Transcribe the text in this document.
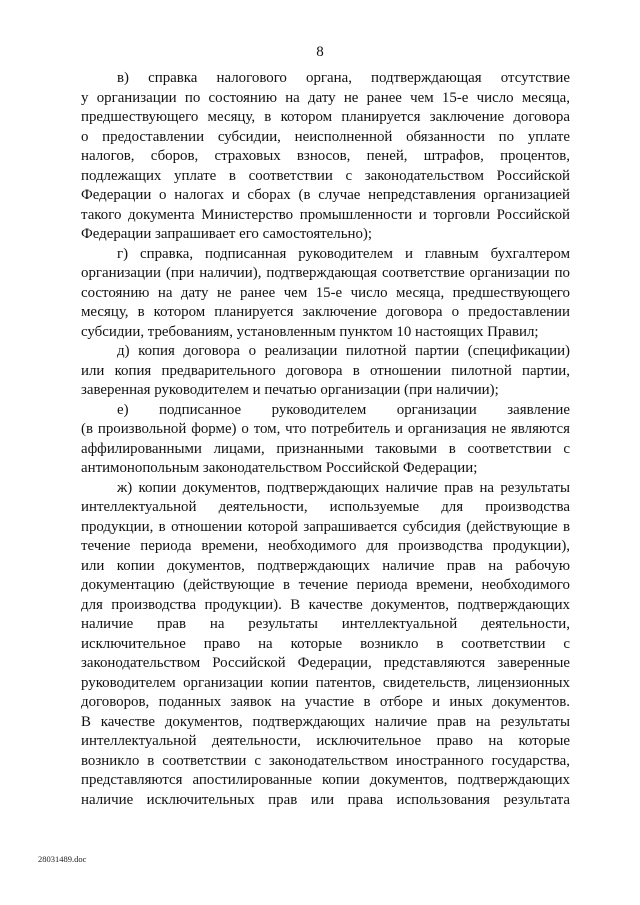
8
в) справка налогового органа, подтверждающая отсутствие
у организации по состоянию на дату не ранее чем 15-е число месяца,
предшествующего месяцу, в котором планируется заключение договора
о предоставлении субсидии, неисполненной обязанности по уплате
налогов, сборов, страховых взносов, пеней, штрафов, процентов,
подлежащих уплате в соответствии с законодательством Российской
Федерации о налогах и сборах (в случае непредставления организацией
такого документа Министерство промышленности и торговли Российской
Федерации запрашивает его самостоятельно);
г) справка, подписанная руководителем и главным бухгалтером
организации (при наличии), подтверждающая соответствие организации по
состоянию на дату не ранее чем 15-е число месяца, предшествующего
месяцу, в котором планируется заключение договора о предоставлении
субсидии, требованиям, установленным пунктом 10 настоящих Правил;
д) копия договора о реализации пилотной партии (спецификации)
или копия предварительного договора в отношении пилотной партии,
заверенная руководителем и печатью организации (при наличии);
е) подписанное руководителем организации заявление
(в произвольной форме) о том, что потребитель и организация не являются
аффилированными лицами, признанными таковыми в соответствии с
антимонопольным законодательством Российской Федерации;
ж) копии документов, подтверждающих наличие прав на результаты
интеллектуальной деятельности, используемые для производства
продукции, в отношении которой запрашивается субсидия (действующие в
течение периода времени, необходимого для производства продукции),
или копии документов, подтверждающих наличие прав на рабочую
документацию (действующие в течение периода времени, необходимого
для производства продукции). В качестве документов, подтверждающих
наличие прав на результаты интеллектуальной деятельности,
исключительное право на которые возникло в соответствии с
законодательством Российской Федерации, представляются заверенные
руководителем организации копии патентов, свидетельств, лицензионных
договоров, поданных заявок на участие в отборе и иных документов.
В качестве документов, подтверждающих наличие прав на результаты
интеллектуальной деятельности, исключительное право на которые
возникло в соответствии с законодательством иностранного государства,
представляются апостилированные копии документов, подтверждающих
наличие исключительных прав или права использования результата
28031489.doc
